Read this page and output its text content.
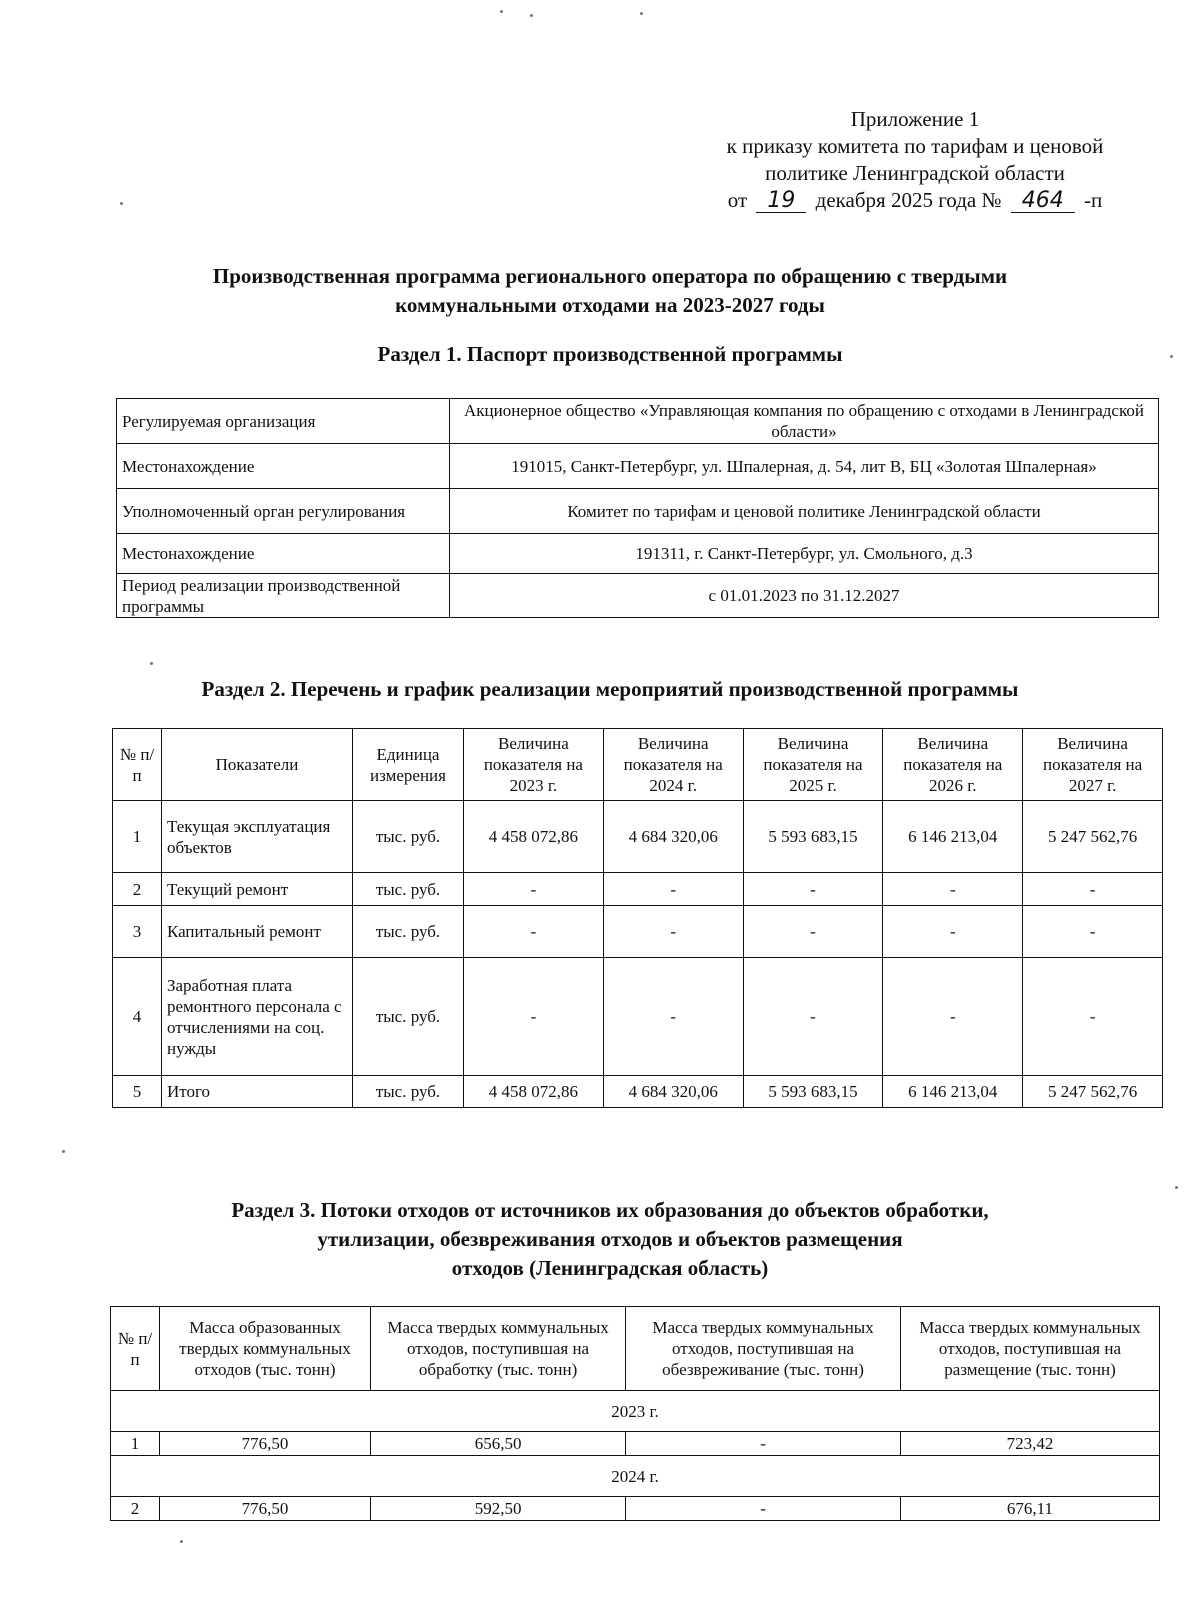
Приложение 1
к приказу комитета по тарифам и ценовой
политике Ленинградской области
от 19 декабря 2025 года № 464 -п
Производственная программа регионального оператора по обращению с твердыми
коммунальными отходами на 2023-2027 годы
Раздел 1. Паспорт производственной программы
Регулируемая организация	Акционерное общество «Управляющая компания по обращению с отходами в Ленинградской области»
Местонахождение	191015, Санкт-Петербург, ул. Шпалерная, д. 54, лит В, БЦ «Золотая Шпалерная»
Уполномоченный орган регулирования	Комитет по тарифам и ценовой политике Ленинградской области
Местонахождение	191311, г. Санкт-Петербург, ул. Смольного, д.3
Период реализации производственной программы	с 01.01.2023 по 31.12.2027
Раздел 2. Перечень и график реализации мероприятий производственной программы
№ п/п	Показатели	Единица измерения	Величина показателя на 2023 г.	Величина показателя на 2024 г.	Величина показателя на 2025 г.	Величина показателя на 2026 г.	Величина показателя на 2027 г.
1	Текущая эксплуатация объектов	тыс. руб.	4 458 072,86	4 684 320,06	5 593 683,15	6 146 213,04	5 247 562,76
2	Текущий ремонт	тыс. руб.	-	-	-	-	-
3	Капитальный ремонт	тыс. руб.	-	-	-	-	-
4	Заработная плата ремонтного персонала с отчислениями на соц. нужды	тыс. руб.	-	-	-	-	-
5	Итого	тыс. руб.	4 458 072,86	4 684 320,06	5 593 683,15	6 146 213,04	5 247 562,76
Раздел 3. Потоки отходов от источников их образования до объектов обработки,
утилизации, обезвреживания отходов и объектов размещения
отходов (Ленинградская область)
№ п/п	Масса образованных твердых коммунальных отходов (тыс. тонн)	Масса твердых коммунальных отходов, поступившая на обработку (тыс. тонн)	Масса твердых коммунальных отходов, поступившая на обезвреживание (тыс. тонн)	Масса твердых коммунальных отходов, поступившая на размещение (тыс. тонн)
2023 г.				
1	776,50	656,50	-	723,42
2024 г.				
2	776,50	592,50	-	676,11
